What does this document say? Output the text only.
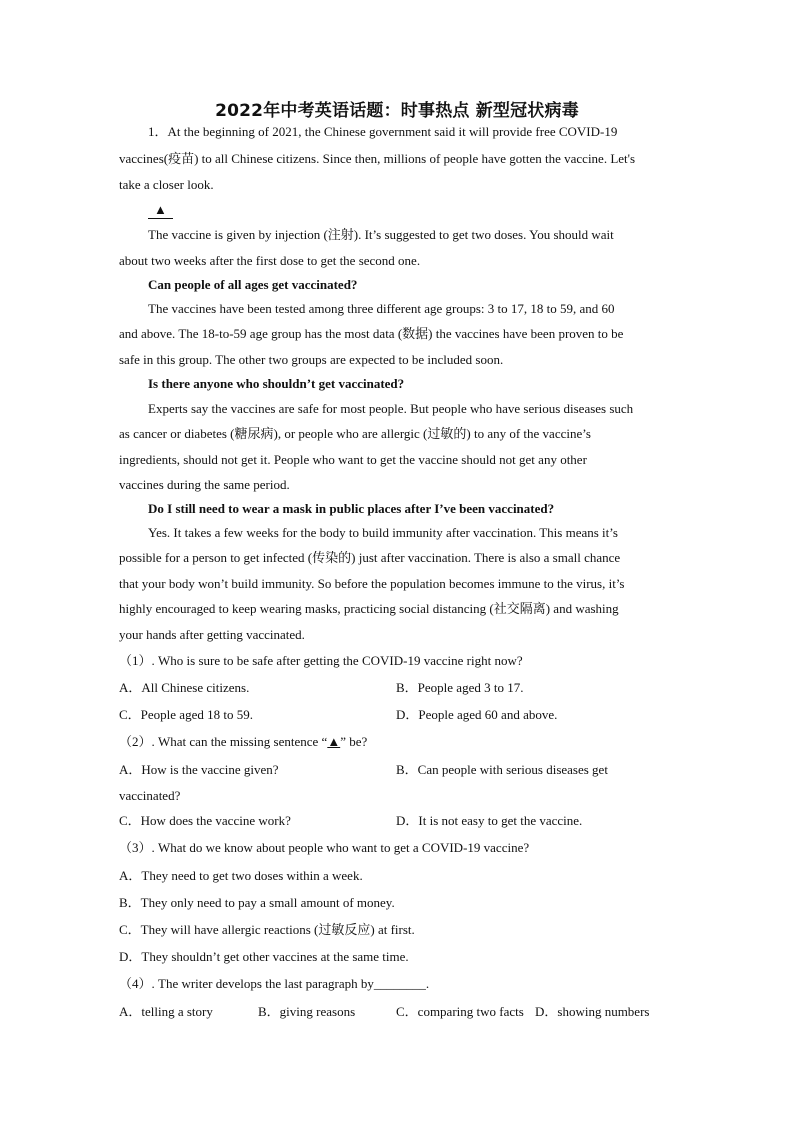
2022年中考英语话题：时事热点 新型冠状病毒
1．At the beginning of 2021, the Chinese government said it will provide free COVID-19
vaccines(疫苗) to all Chinese citizens. Since then, millions of people have gotten the vaccine. Let's
take a closer look.
▲
The vaccine is given by injection (注射). It’s suggested to get two doses. You should wait
about two weeks after the first dose to get the second one.
Can people of all ages get vaccinated?
The vaccines have been tested among three different age groups: 3 to 17, 18 to 59, and 60
and above. The 18-to-59 age group has the most data (数据) the vaccines have been proven to be
safe in this group. The other two groups are expected to be included soon.
Is there anyone who shouldn’t get vaccinated?
Experts say the vaccines are safe for most people. But people who have serious diseases such
as cancer or diabetes (糖尿病), or people who are allergic (过敏的) to any of the vaccine’s
ingredients, should not get it. People who want to get the vaccine should not get any other
vaccines during the same period.
Do I still need to wear a mask in public places after I’ve been vaccinated?
Yes. It takes a few weeks for the body to build immunity after vaccination. This means it’s
possible for a person to get infected (传染的) just after vaccination. There is also a small chance
that your body won’t build immunity. So before the population becomes immune to the virus, it’s
highly encouraged to keep wearing masks, practicing social distancing (社交隔离) and washing
your hands after getting vaccinated.
（1）. Who is sure to be safe after getting the COVID-19 vaccine right now?
A．All Chinese citizens.	B．People aged 3 to 17.
C．People aged 18 to 59.	D．People aged 60 and above.
（2）. What can the missing sentence “▲” be?
A．How is the vaccine given?	B．Can people with serious diseases get
vaccinated?
C．How does the vaccine work?	D．It is not easy to get the vaccine.
（3）. What do we know about people who want to get a COVID-19 vaccine?
A．They need to get two doses within a week.
B．They only need to pay a small amount of money.
C．They will have allergic reactions (过敏反应) at first.
D．They shouldn’t get other vaccines at the same time.
（4）. The writer develops the last paragraph by________.
A．telling a story	B．giving reasons	C．comparing two facts D．showing numbers
